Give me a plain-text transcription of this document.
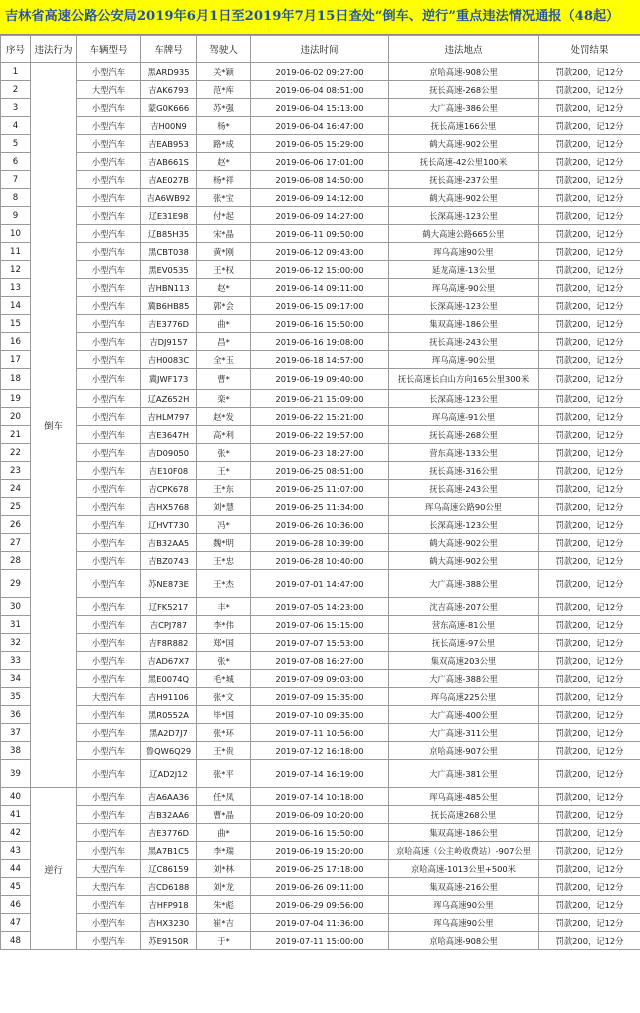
吉林省高速公路公安局2019年6月1日至2019年7月15日查处“倒车、逆行”重点违法情况通报（48起）
序号	违法行为	车辆型号	车牌号	驾驶人	违法时间	违法地点	处罚结果
1	倒车	小型汽车	黑ARD935	关*颖	2019-06-02 09:27:00	京哈高速-908公里	罚款200，记12分
2		大型汽车	吉AK6793	范*库	2019-06-04 08:51:00	抚长高速-268公里	罚款200，记12分
3		小型汽车	蒙G0K666	苏*强	2019-06-04 15:13:00	大广高速-386公里	罚款200，记12分
4		小型汽车	吉H00N9	杨*	2019-06-04 16:47:00	抚长高速166公里	罚款200，记12分
5		小型汽车	吉EAB953	路*成	2019-06-05 15:29:00	鹤大高速-902公里	罚款200，记12分
6		小型汽车	吉AB661S	赵*	2019-06-06 17:01:00	抚长高速-42公里100米	罚款200，记12分
7		小型汽车	吉AE027B	杨*祥	2019-06-08 14:50:00	抚长高速-237公里	罚款200，记12分
8		小型汽车	吉A6WB92	张*宝	2019-06-09 14:12:00	鹤大高速-902公里	罚款200，记12分
9		小型汽车	辽E31E98	付*起	2019-06-09 14:27:00	长深高速-123公里	罚款200，记12分
10		小型汽车	辽B85H35	宋*晶	2019-06-11 09:50:00	鹤大高速公路665公里	罚款200，记12分
11		小型汽车	黑CBT038	黄*刚	2019-06-12 09:43:00	珲乌高速90公里	罚款200，记12分
12		小型汽车	黑EV0535	王*权	2019-06-12 15:00:00	延龙高速-13公里	罚款200，记12分
13		小型汽车	吉HBN113	赵*	2019-06-14 09:11:00	珲乌高速-90公里	罚款200，记12分
14		小型汽车	冀B6HB85	郭*会	2019-06-15 09:17:00	长深高速-123公里	罚款200，记12分
15		小型汽车	吉E3776D	曲*	2019-06-16 15:50:00	集双高速-186公里	罚款200，记12分
16		小型汽车	吉DJ9157	昌*	2019-06-16 19:08:00	抚长高速-243公里	罚款200，记12分
17		小型汽车	吉H0083C	全*玉	2019-06-18 14:57:00	珲乌高速-90公里	罚款200，记12分
18		小型汽车	冀JWF173	曹*	2019-06-19 09:40:00	抚长高速长白山方向165公里300米	罚款200，记12分
19		小型汽车	辽AZ652H	栾*	2019-06-21 15:09:00	长深高速-123公里	罚款200，记12分
20		小型汽车	吉HLM797	赵*发	2019-06-22 15:21:00	珲乌高速-91公里	罚款200，记12分
21		小型汽车	吉E3647H	高*利	2019-06-22 19:57:00	抚长高速-268公里	罚款200，记12分
22		小型汽车	吉D09050	张*	2019-06-23 18:27:00	营东高速-133公里	罚款200，记12分
23		小型汽车	吉E10F08	王*	2019-06-25 08:51:00	抚长高速-316公里	罚款200，记12分
24		小型汽车	吉CPK678	王*东	2019-06-25 11:07:00	抚长高速-243公里	罚款200，记12分
25		小型汽车	吉HX5768	刘*慧	2019-06-25 11:34:00	珲乌高速公路90公里	罚款200，记12分
26		小型汽车	辽HVT730	冯*	2019-06-26 10:36:00	长深高速-123公里	罚款200，记12分
27		小型汽车	吉B32AA5	魏*明	2019-06-28 10:39:00	鹤大高速-902公里	罚款200，记12分
28		小型汽车	吉BZ0743	王*忠	2019-06-28 10:40:00	鹤大高速-902公里	罚款200，记12分
29		小型汽车	苏NE873E	王*杰	2019-07-01 14:47:00	大广高速-388公里	罚款200，记12分
30		小型汽车	辽FK5217	丰*	2019-07-05 14:23:00	沈吉高速-207公里	罚款200，记12分
31		小型汽车	吉CPJ787	李*伟	2019-07-06 15:15:00	营东高速-81公里	罚款200，记12分
32		小型汽车	吉F8R882	郑*国	2019-07-07 15:53:00	抚长高速-97公里	罚款200，记12分
33		小型汽车	吉AD67X7	张*	2019-07-08 16:27:00	集双高速203公里	罚款200，记12分
34		小型汽车	黑E0074Q	毛*城	2019-07-09 09:03:00	大广高速-388公里	罚款200，记12分
35		大型汽车	吉H91106	张*文	2019-07-09 15:35:00	珲乌高速225公里	罚款200，记12分
36		小型汽车	黑R0552A	毕*国	2019-07-10 09:35:00	大广高速-400公里	罚款200，记12分
37		小型汽车	黑A2D7J7	张*环	2019-07-11 10:56:00	大广高速-311公里	罚款200，记12分
38		小型汽车	鲁QW6Q29	王*贵	2019-07-12 16:18:00	京哈高速-907公里	罚款200，记12分
39		小型汽车	辽AD2J12	张*平	2019-07-14 16:19:00	大广高速-381公里	罚款200，记12分
40	逆行	小型汽车	吉A6AA36	任*凤	2019-07-14 10:18:00	珲乌高速-485公里	罚款200，记12分
41		小型汽车	吉B32AA6	曹*晶	2019-06-09 10:20:00	抚长高速268公里	罚款200，记12分
42		小型汽车	吉E3776D	曲*	2019-06-16 15:50:00	集双高速-186公里	罚款200，记12分
43		小型汽车	黑A7B1C5	李*瑞	2019-06-19 15:20:00	京哈高速（公主岭收费站）-907公里	罚款200，记12分
44		大型汽车	辽C86159	刘*林	2019-06-25 17:18:00	京哈高速-1013公里+500米	罚款200，记12分
45		大型汽车	吉CD6188	刘*龙	2019-06-26 09:11:00	集双高速-216公里	罚款200，记12分
46		小型汽车	吉HFP918	朱*彪	2019-06-29 09:56:00	珲乌高速90公里	罚款200，记12分
47		小型汽车	吉HX3230	崔*吉	2019-07-04 11:36:00	珲乌高速90公里	罚款200，记12分
48		小型汽车	苏E9150R	于*	2019-07-11 15:00:00	京哈高速-908公里	罚款200，记12分
